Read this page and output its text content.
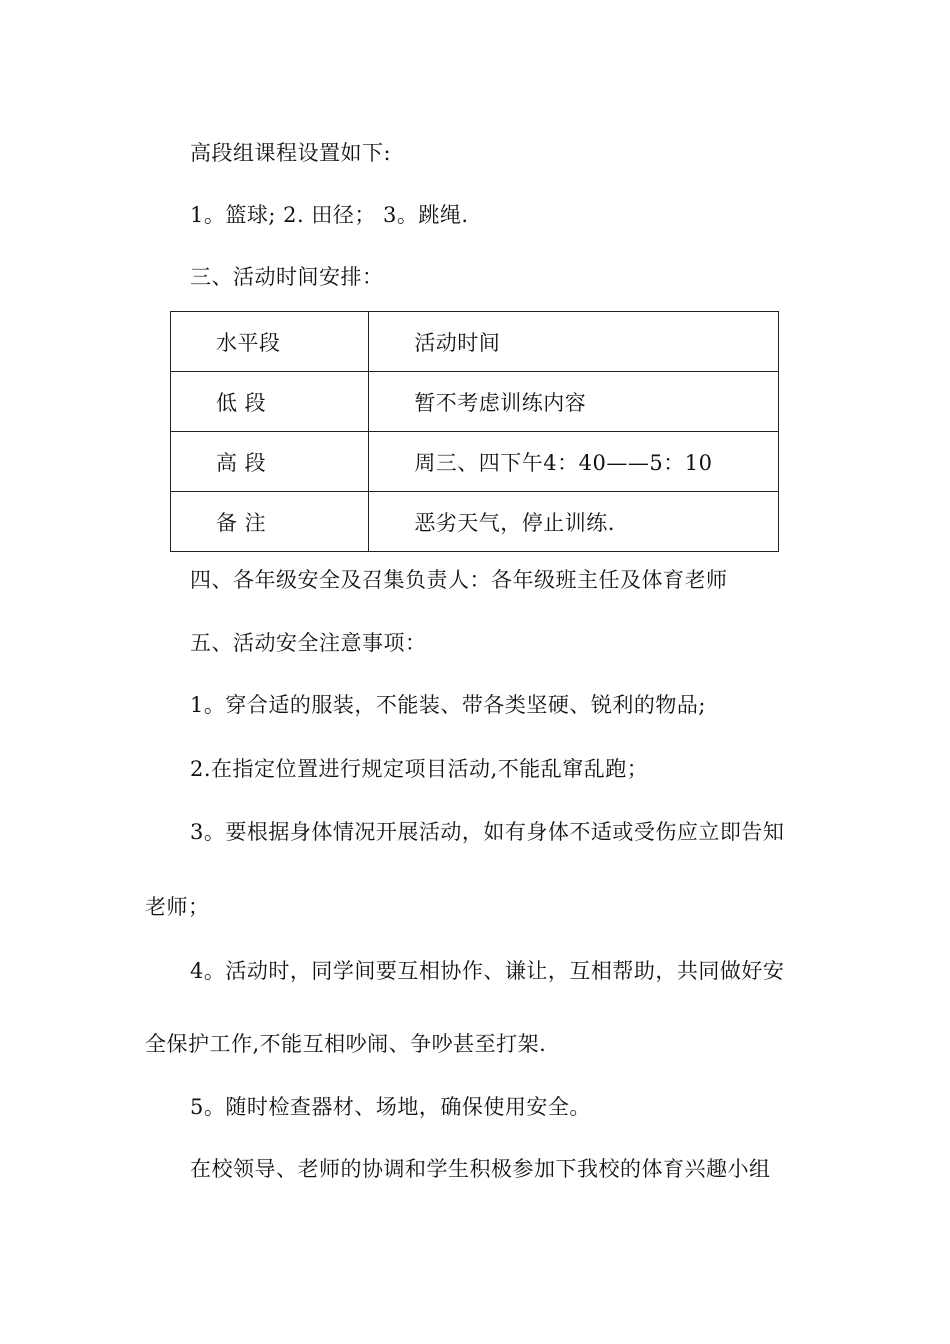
高段组课程设置如下:
1。篮球; 2. 田径； 3。跳绳.
三、活动时间安排：
水平段	活动时间
低 段	暂不考虑训练内容
高 段	周三、四下午4：40——5：10
备 注	恶劣天气，停止训练.
四、各年级安全及召集负责人：各年级班主任及体育老师
五、活动安全注意事项：
1。穿合适的服装，不能装、带各类坚硬、锐利的物品;
2.在指定位置进行规定项目活动,不能乱窜乱跑；
3。要根据身体情况开展活动，如有身体不适或受伤应立即告知
老师；
4。活动时，同学间要互相协作、谦让，互相帮助，共同做好安
全保护工作,不能互相吵闹、争吵甚至打架.
5。随时检查器材、场地，确保使用安全。
在校领导、老师的协调和学生积极参加下我校的体育兴趣小组
